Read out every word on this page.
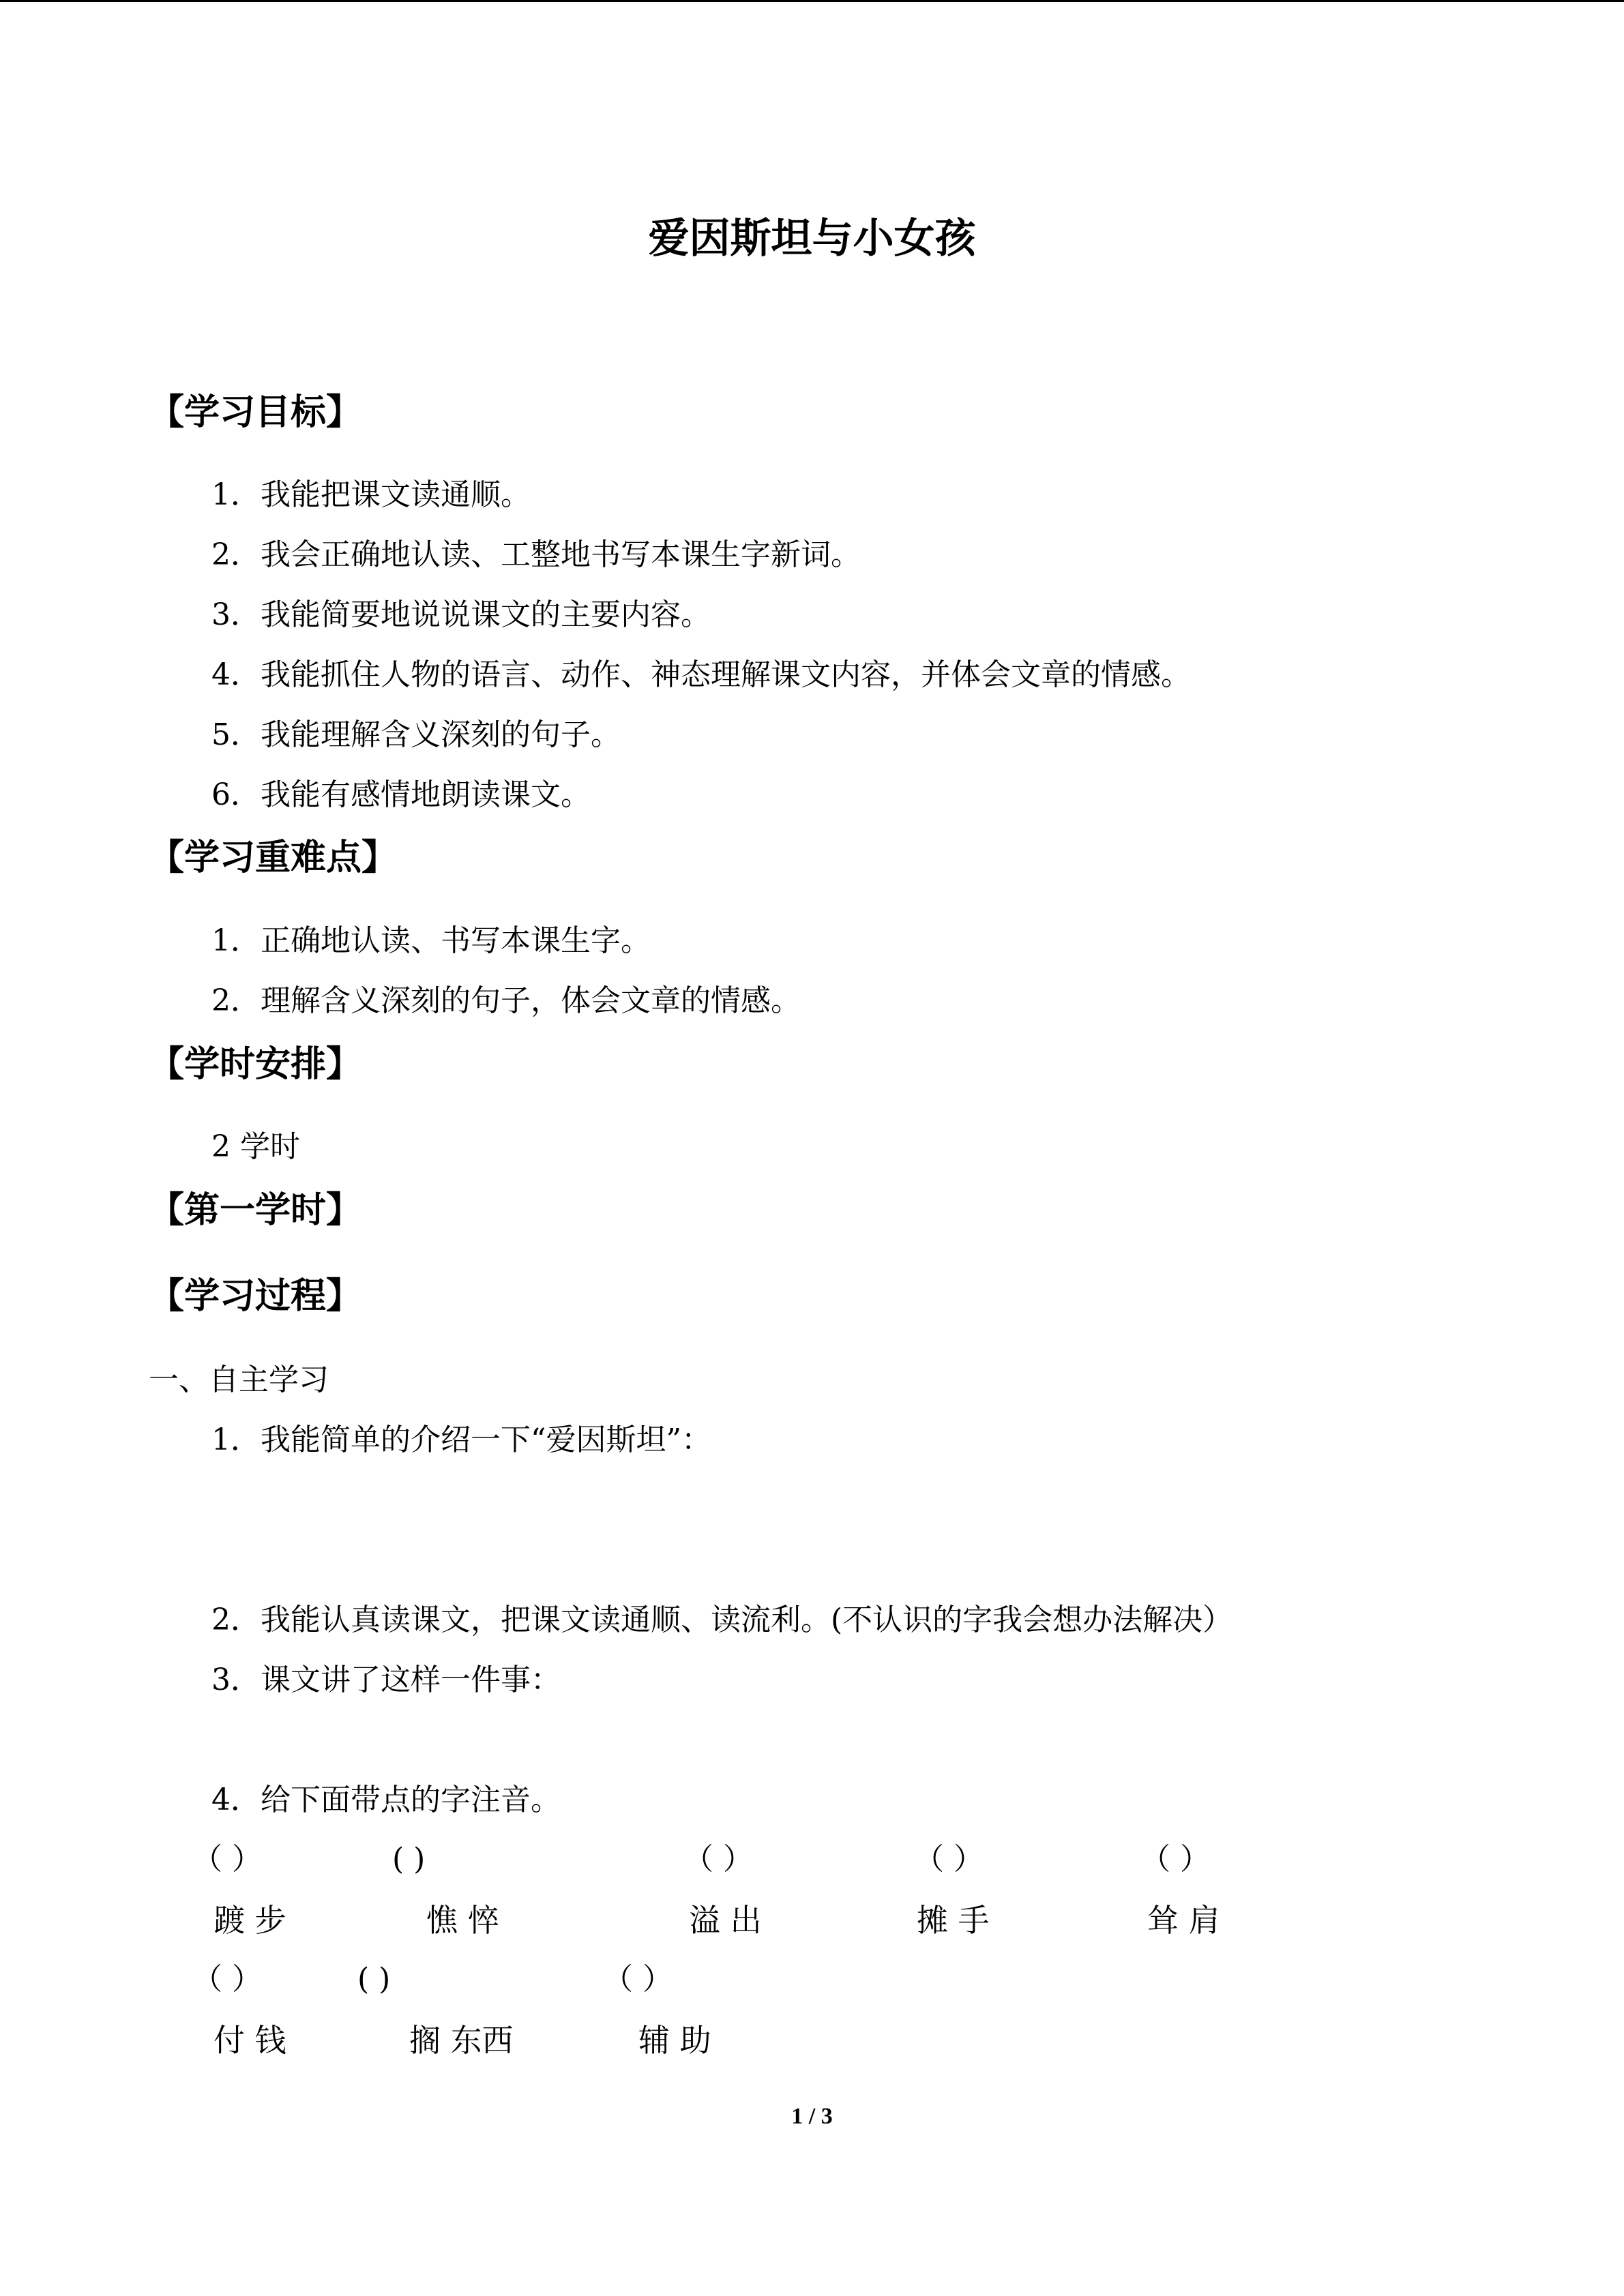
爱因斯坦与小女孩
【学习目标】
1．我能把课文读通顺。
2．我会正确地认读、工整地书写本课生字新词。
3．我能简要地说说课文的主要内容。
4．我能抓住人物的语言、动作、神态理解课文内容，并体会文章的情感。
5．我能理解含义深刻的句子。
6．我能有感情地朗读课文。
【学习重难点】
1．正确地认读、书写本课生字。
2．理解含义深刻的句子，体会文章的情感。
【学时安排】
2 学时
【第一学时】
【学习过程】
一、自主学习
1．我能简单的介绍一下“爱因斯坦”：
2．我能认真读课文，把课文读通顺、读流利。(不认识的字我会想办法解决）
3．课文讲了这样一件事：
4．给下面带点的字注音。
（ ）	( )	（ ）	（ ）	（ ）
踱 步	憔 悴	溢 出	摊 手	耸 肩
（ ）	( )	（ ）
付 钱	搁 东西	辅 助
1 / 3
